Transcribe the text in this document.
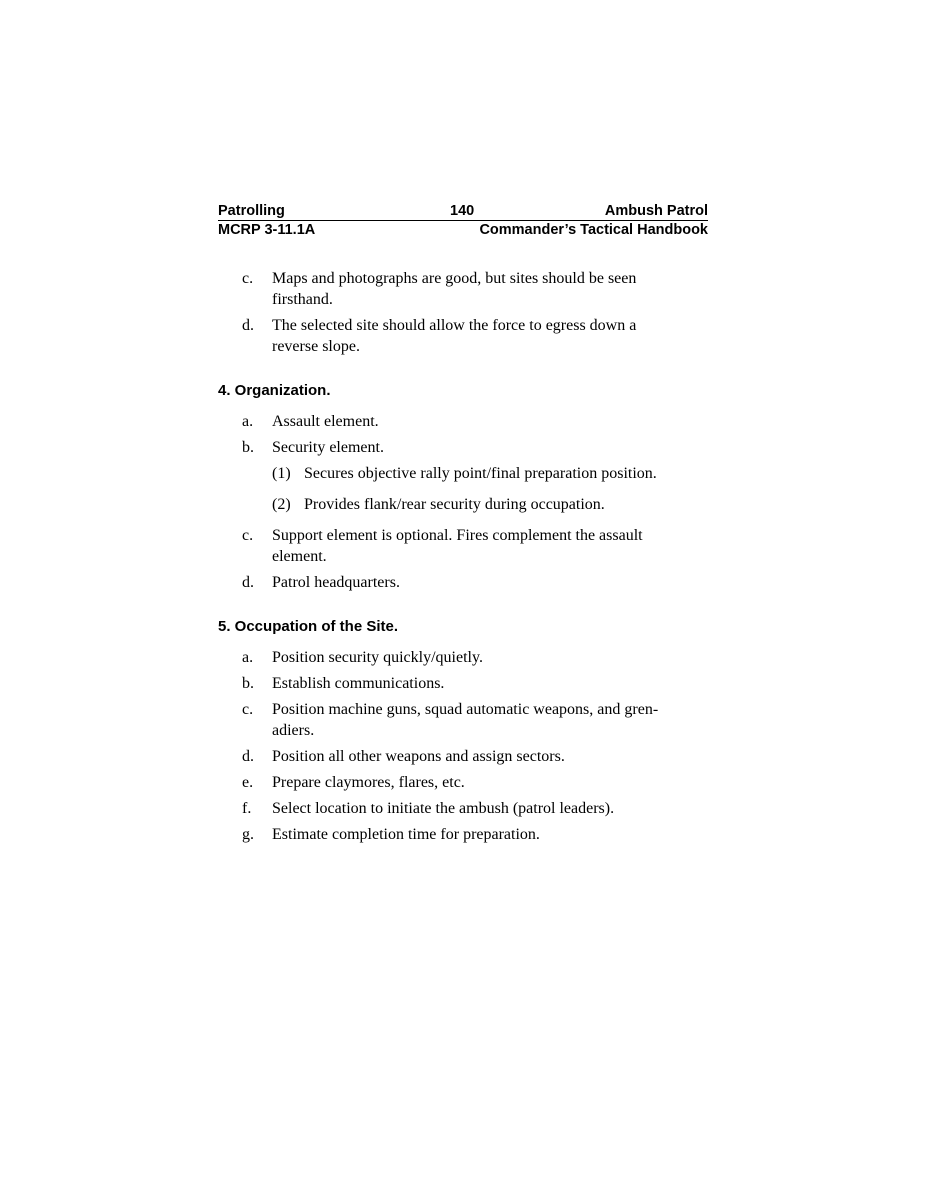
Patrolling	140	Ambush Patrol
MCRP 3-11.1A	Commander’s Tactical Handbook
c. Maps and photographs are good, but sites should be seen
firsthand.
d. The selected site should allow the force to egress down a
reverse slope.
4. Organization.
a. Assault element.
b. Security element.
(1) Secures objective rally point/final preparation position.
(2) Provides flank/rear security during occupation.
c. Support element is optional. Fires complement the assault
element.
d. Patrol headquarters.
5. Occupation of the Site.
a. Position security quickly/quietly.
b. Establish communications.
c. Position machine guns, squad automatic weapons, and gren-
adiers.
d. Position all other weapons and assign sectors.
e. Prepare claymores, flares, etc.
f. Select location to initiate the ambush (patrol leaders).
g. Estimate completion time for preparation.
